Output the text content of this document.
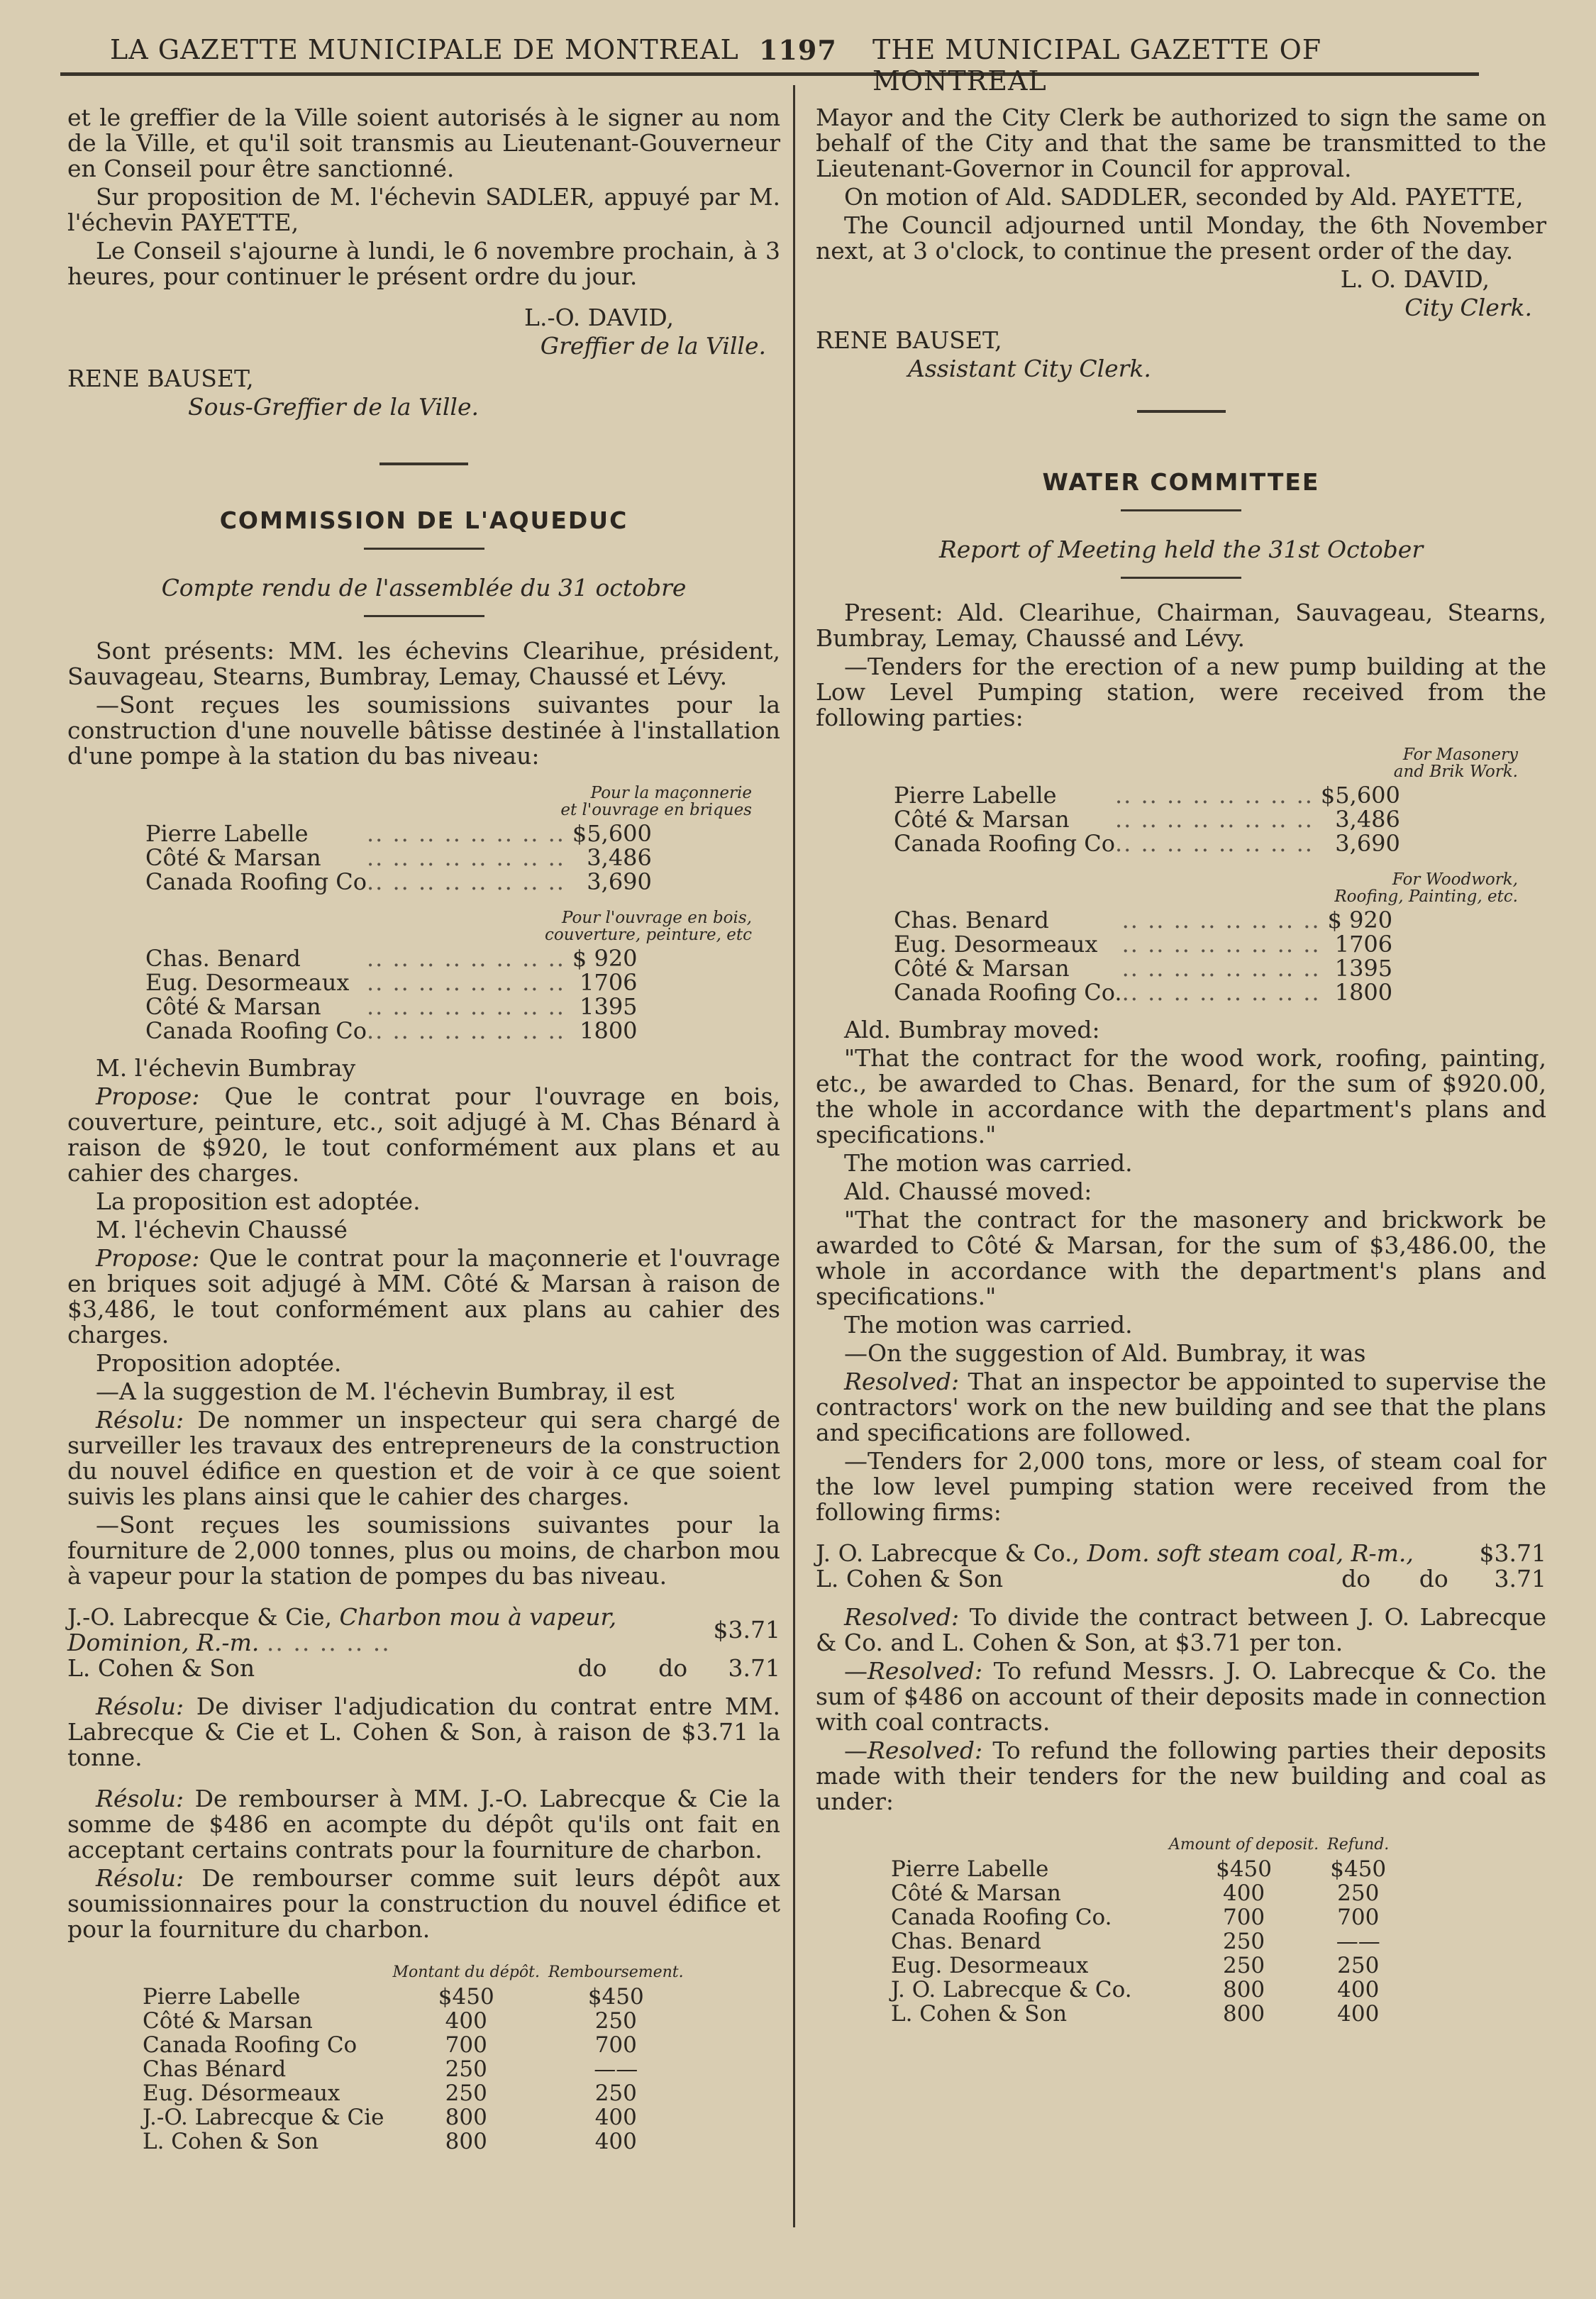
LA GAZETTE MUNICIPALE DE MONTREAL 1197 THE MUNICIPAL GAZETTE OF MONTREAL

et le greffier de la Ville soient autorisés à le signer au nom de la Ville, et qu'il soit transmis au Lieutenant-Gouverneur en Conseil pour être sanctionné.

Sur proposition de M. l'échevin SADLER, appuyé par M. l'échevin PAYETTE,

Le Conseil s'ajourne à lundi, le 6 novembre prochain, à 3 heures, pour continuer le présent ordre du jour.

L.-O. DAVID,

Greffier de la Ville.

RENE BAUSET,

Sous-Greffier de la Ville.

COMMISSION DE L'AQUEDUC

Compte rendu de l'assemblée du 31 octobre

Sont présents: MM. les échevins Clearihue, président, Sauvageau, Stearns, Bumbray, Lemay, Chaussé et Lévy.

—Sont reçues les soumissions suivantes pour la construction d'une nouvelle bâtisse destinée à l'installation d'une pompe à la station du bas niveau:

Pour la maçonnerie
et l'ouvrage en briques
Pierre Labelle	.. .. .. .. .. .. .. ..	$5,600
Côté & Marsan	.. .. .. .. .. .. .. ..	3,486
Canada Roofing Co	.. .. .. .. .. .. .. ..	3,690
Pour l'ouvrage en bois,
couverture, peinture, etc
Chas. Benard	.. .. .. .. .. .. .. ..	$ 920
Eug. Desormeaux	.. .. .. .. .. .. .. ..	1706
Côté & Marsan	.. .. .. .. .. .. .. ..	1395
Canada Roofing Co	.. .. .. .. .. .. .. ..	1800

M. l'échevin Bumbray

Propose: Que le contrat pour l'ouvrage en bois, couverture, peinture, etc., soit adjugé à M. Chas Bénard à raison de $920, le tout conformément aux plans et au cahier des charges.

La proposition est adoptée.

M. l'échevin Chaussé

Propose: Que le contrat pour la maçonnerie et l'ouvrage en briques soit adjugé à MM. Côté & Marsan à raison de $3,486, le tout conformément aux plans au cahier des charges.

Proposition adoptée.

—A la suggestion de M. l'échevin Bumbray, il est

Résolu: De nommer un inspecteur qui sera chargé de surveiller les travaux des entrepreneurs de la construction du nouvel édifice en question et de voir à ce que soient suivis les plans ainsi que le cahier des charges.

—Sont reçues les soumissions suivantes pour la fourniture de 2,000 tonnes, plus ou moins, de charbon mou à vapeur pour la station de pompes du bas niveau.

J.-O. Labrecque & Cie, Charbon mou à vapeur, Dominion, R.-m. .. .. .. .. ..			$3.71
L. Cohen & Son	do	do	3.71

Résolu: De diviser l'adjudication du contrat entre MM. Labrecque & Cie et L. Cohen & Son, à raison de $3.71 la tonne.

Résolu: De rembourser à MM. J.-O. Labrecque & Cie la somme de $486 en acompte du dépôt qu'ils ont fait en acceptant certains contrats pour la fourniture de charbon.

Résolu: De rembourser comme suit leurs dépôt aux soumissionnaires pour la construction du nouvel édifice et pour la fourniture du charbon.

	Montant du dépôt.	Remboursement.
Pierre Labelle	$450	$450
Côté & Marsan	400	250
Canada Roofing Co	700	700
Chas Bénard	250	——
Eug. Désormeaux	250	250
J.-O. Labrecque & Cie	800	400
L. Cohen & Son	800	400

Mayor and the City Clerk be authorized to sign the same on behalf of the City and that the same be transmitted to the Lieutenant-Governor in Council for approval.

On motion of Ald. SADDLER, seconded by Ald. PAYETTE,

The Council adjourned until Monday, the 6th November next, at 3 o'clock, to continue the present order of the day.

L. O. DAVID,

City Clerk.

RENE BAUSET,

Assistant City Clerk.

WATER COMMITTEE

Report of Meeting held the 31st October

Present: Ald. Clearihue, Chairman, Sauvageau, Stearns, Bumbray, Lemay, Chaussé and Lévy.

—Tenders for the erection of a new pump building at the Low Level Pumping station, were received from the following parties:

For Masonery
and Brik Work.
Pierre Labelle	.. .. .. .. .. .. .. ..	$5,600
Côté & Marsan	.. .. .. .. .. .. .. ..	3,486
Canada Roofing Co	.. .. .. .. .. .. .. ..	3,690
For Woodwork,
Roofing, Painting, etc.
Chas. Benard	.. .. .. .. .. .. .. ..	$ 920
Eug. Desormeaux	.. .. .. .. .. .. .. ..	1706
Côté & Marsan	.. .. .. .. .. .. .. ..	1395
Canada Roofing Co.	.. .. .. .. .. .. .. ..	1800

Ald. Bumbray moved:

"That the contract for the wood work, roofing, painting, etc., be awarded to Chas. Benard, for the sum of $920.00, the whole in accordance with the department's plans and specifications."

The motion was carried.

Ald. Chaussé moved:

"That the contract for the masonery and brickwork be awarded to Côté & Marsan, for the sum of $3,486.00, the whole in accordance with the department's plans and specifications."

The motion was carried.

—On the suggestion of Ald. Bumbray, it was

Resolved: That an inspector be appointed to supervise the contractors' work on the new building and see that the plans and specifications are followed.

—Tenders for 2,000 tons, more or less, of steam coal for the low level pumping station were received from the following firms:

J. O. Labrecque & Co., Dom. soft steam coal, R-m.,			$3.71
L. Cohen & Son	do	do	3.71

Resolved: To divide the contract between J. O. Labrecque & Co. and L. Cohen & Son, at $3.71 per ton.

—Resolved: To refund Messrs. J. O. Labrecque & Co. the sum of $486 on account of their deposits made in connection with coal contracts.

—Resolved: To refund the following parties their deposits made with their tenders for the new building and coal as under:

	Amount of deposit.	Refund.
Pierre Labelle	$450	$450
Côté & Marsan	400	250
Canada Roofing Co.	700	700
Chas. Benard	250	——
Eug. Desormeaux	250	250
J. O. Labrecque & Co.	800	400
L. Cohen & Son	800	400
